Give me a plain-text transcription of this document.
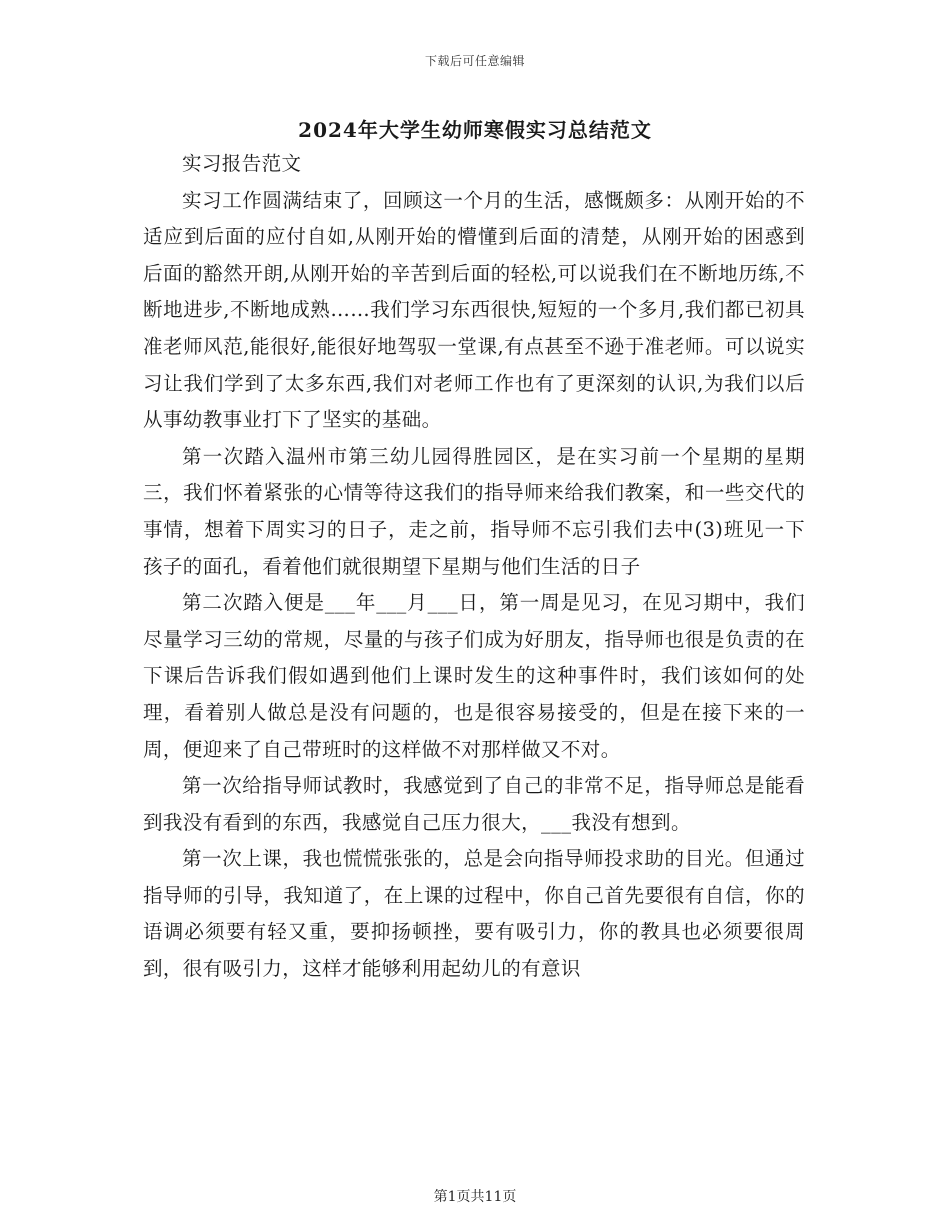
下载后可任意编辑
2024年大学生幼师寒假实习总结范文

实习报告范文

实习工作圆满结束了，回顾这一个月的生活，感慨颇多：从刚开始的不适应到后面的应付自如,从刚开始的懵懂到后面的清楚，从刚开始的困惑到后面的豁然开朗,从刚开始的辛苦到后面的轻松,可以说我们在不断地历练,不断地进步,不断地成熟……我们学习东西很快,短短的一个多月,我们都已初具准老师风范,能很好,能很好地驾驭一堂课,有点甚至不逊于准老师。可以说实习让我们学到了太多东西,我们对老师工作也有了更深刻的认识,为我们以后从事幼教事业打下了坚实的基础。

第一次踏入温州市第三幼儿园得胜园区，是在实习前一个星期的星期三，我们怀着紧张的心情等待这我们的指导师来给我们教案，和一些交代的事情，想着下周实习的日子，走之前，指导师不忘引我们去中(3)班见一下孩子的面孔，看着他们就很期望下星期与他们生活的日子

第二次踏入便是___年___月___日，第一周是见习，在见习期中，我们尽量学习三幼的常规，尽量的与孩子们成为好朋友，指导师也很是负责的在下课后告诉我们假如遇到他们上课时发生的这种事件时，我们该如何的处理，看着别人做总是没有问题的，也是很容易接受的，但是在接下来的一周，便迎来了自己带班时的这样做不对那样做又不对。

第一次给指导师试教时，我感觉到了自己的非常不足，指导师总是能看到我没有看到的东西，我感觉自己压力很大，___我没有想到。

第一次上课，我也慌慌张张的，总是会向指导师投求助的目光。但通过指导师的引导，我知道了，在上课的过程中，你自己首先要很有自信，你的语调必须要有轻又重，要抑扬顿挫，要有吸引力，你的教具也必须要很周到，很有吸引力，这样才能够利用起幼儿的有意识

第1页共11页
